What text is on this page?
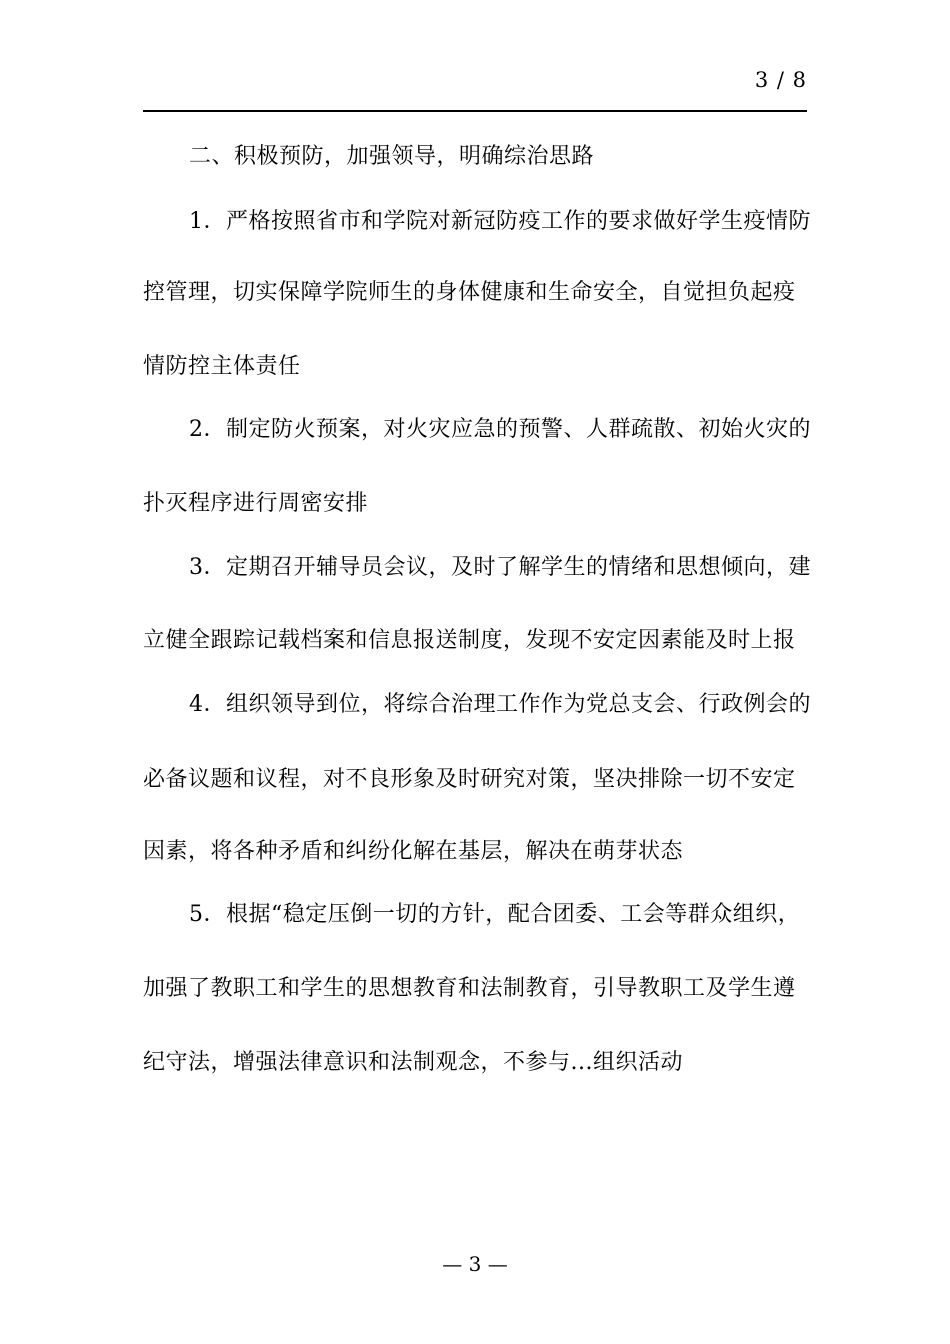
3 / 8
二、积极预防，加强领导，明确综治思路
1．严格按照省市和学院对新冠防疫工作的要求做好学生疫情防
控管理，切实保障学院师生的身体健康和生命安全，自觉担负起疫
情防控主体责任
2．制定防火预案，对火灾应急的预警、人群疏散、初始火灾的
扑灭程序进行周密安排
3．定期召开辅导员会议，及时了解学生的情绪和思想倾向，建
立健全跟踪记载档案和信息报送制度，发现不安定因素能及时上报
4．组织领导到位，将综合治理工作作为党总支会、行政例会的
必备议题和议程，对不良形象及时研究对策，坚决排除一切不安定
因素，将各种矛盾和纠纷化解在基层，解决在萌芽状态
5．根据“稳定压倒一切的方针，配合团委、工会等群众组织，
加强了教职工和学生的思想教育和法制教育，引导教职工及学生遵
纪守法，增强法律意识和法制观念，不参与...组织活动
— 3 —
